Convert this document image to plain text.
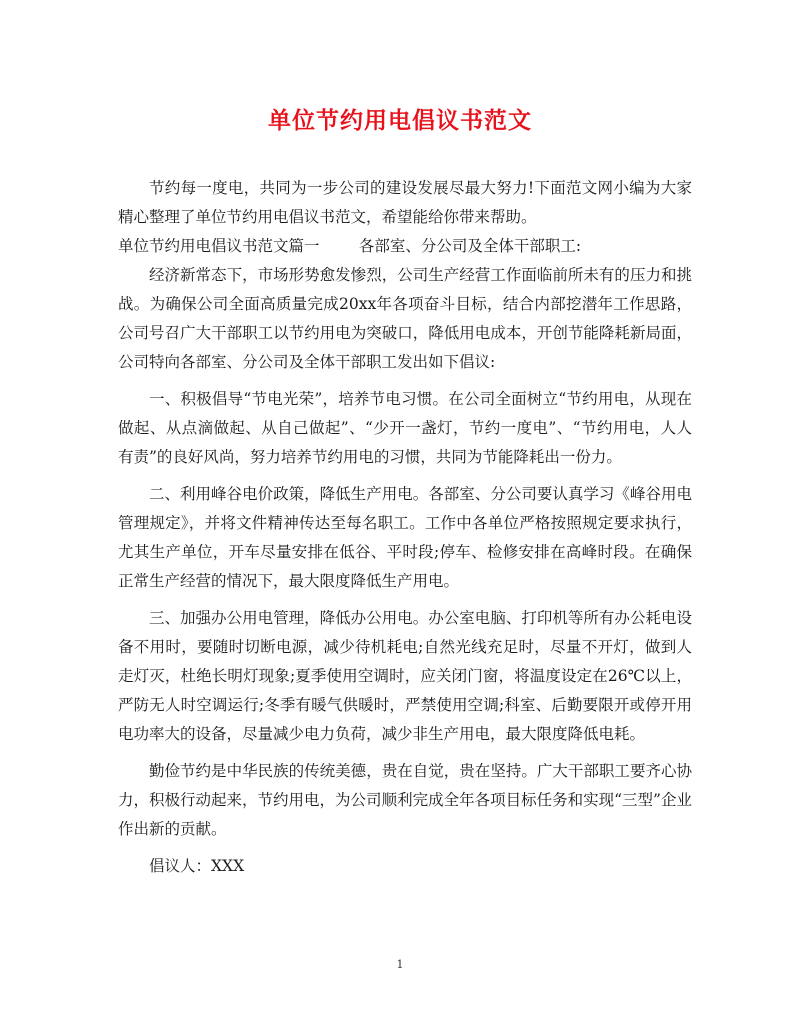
单位节约用电倡议书范文

节约每一度电，共同为一步公司的建设发展尽最大努力!下面范文网小编为大家精心整理了单位节约用电倡议书范文，希望能给你带来帮助。

单位节约用电倡议书范文篇一        各部室、分公司及全体干部职工:

经济新常态下，市场形势愈发惨烈，公司生产经营工作面临前所未有的压力和挑战。为确保公司全面高质量完成20xx年各项奋斗目标，结合内部挖潜年工作思路，公司号召广大干部职工以节约用电为突破口，降低用电成本，开创节能降耗新局面，公司特向各部室、分公司及全体干部职工发出如下倡议:

一、积极倡导“节电光荣”，培养节电习惯。在公司全面树立“节约用电，从现在做起、从点滴做起、从自己做起”、“少开一盏灯，节约一度电”、“节约用电，人人有责”的良好风尚，努力培养节约用电的习惯，共同为节能降耗出一份力。

二、利用峰谷电价政策，降低生产用电。各部室、分公司要认真学习《峰谷用电管理规定》，并将文件精神传达至每名职工。工作中各单位严格按照规定要求执行，尤其生产单位，开车尽量安排在低谷、平时段;停车、检修安排在高峰时段。在确保正常生产经营的情况下，最大限度降低生产用电。

三、加强办公用电管理，降低办公用电。办公室电脑、打印机等所有办公耗电设备不用时，要随时切断电源，减少待机耗电;自然光线充足时，尽量不开灯，做到人走灯灭，杜绝长明灯现象;夏季使用空调时，应关闭门窗，将温度设定在26℃以上，严防无人时空调运行;冬季有暖气供暖时，严禁使用空调;科室、后勤要限开或停开用电功率大的设备，尽量减少电力负荷，减少非生产用电，最大限度降低电耗。

勤俭节约是中华民族的传统美德，贵在自觉，贵在坚持。广大干部职工要齐心协力，积极行动起来，节约用电，为公司顺利完成全年各项目标任务和实现“三型”企业作出新的贡献。

倡议人：XXX

1
